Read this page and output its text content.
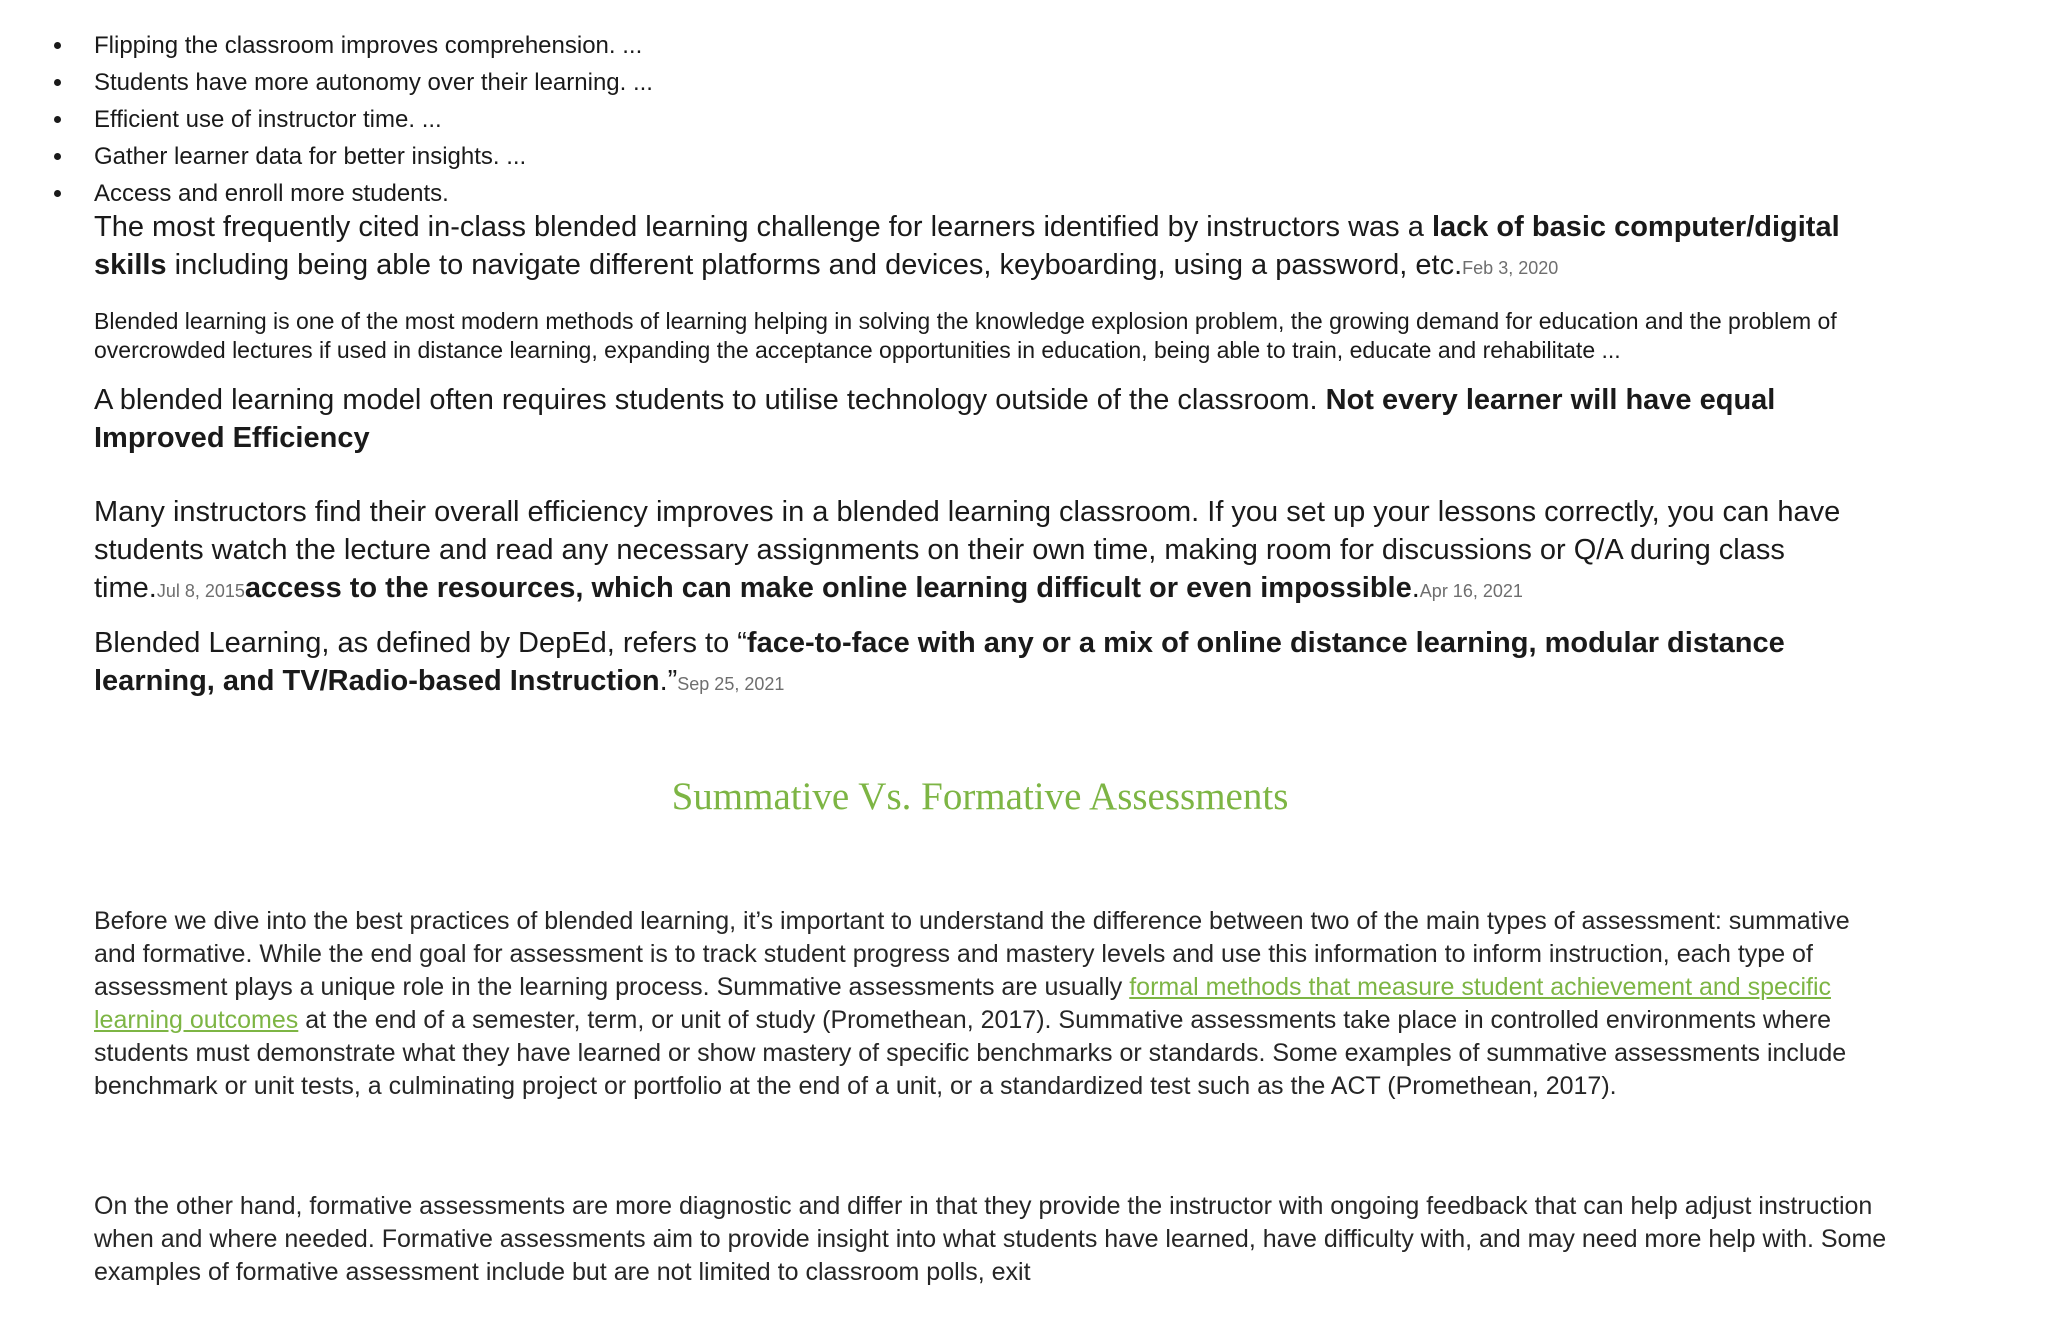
Flipping the classroom improves comprehension. ...
Students have more autonomy over their learning. ...
Efficient use of instructor time. ...
Gather learner data for better insights. ...
Access and enroll more students.

The most frequently cited in-class blended learning challenge for learners identified by instructors was a lack of basic computer/digital skills including being able to navigate different platforms and devices, keyboarding, using a password, etc.Feb 3, 2020

Blended learning is one of the most modern methods of learning helping in solving the knowledge explosion problem, the growing demand for education and the problem of overcrowded lectures if used in distance learning, expanding the acceptance opportunities in education, being able to train, educate and rehabilitate ...

A blended learning model often requires students to utilise technology outside of the classroom. Not every learner will have equal
Improved Efficiency
Many instructors find their overall efficiency improves in a blended learning classroom. If you set up your lessons correctly, you can have students watch the lecture and read any necessary assignments on their own time, making room for discussions or Q/A during class time.Jul 8, 2015access to the resources, which can make online learning difficult or even impossible.Apr 16, 2021

Blended Learning, as defined by DepEd, refers to “face-to-face with any or a mix of online distance learning, modular distance learning, and TV/Radio-based Instruction.”Sep 25, 2021

Summative Vs. Formative Assessments

Before we dive into the best practices of blended learning, it’s important to understand the difference between two of the main types of assessment: summative and formative. While the end goal for assessment is to track student progress and mastery levels and use this information to inform instruction, each type of assessment plays a unique role in the learning process. Summative assessments are usually formal methods that measure student achievement and specific learning outcomes at the end of a semester, term, or unit of study (Promethean, 2017). Summative assessments take place in controlled environments where students must demonstrate what they have learned or show mastery of specific benchmarks or standards. Some examples of summative assessments include benchmark or unit tests, a culminating project or portfolio at the end of a unit, or a standardized test such as the ACT (Promethean, 2017).

On the other hand, formative assessments are more diagnostic and differ in that they provide the instructor with ongoing feedback that can help adjust instruction when and where needed. Formative assessments aim to provide insight into what students have learned, have difficulty with, and may need more help with. Some examples of formative assessment include but are not limited to classroom polls, exit
